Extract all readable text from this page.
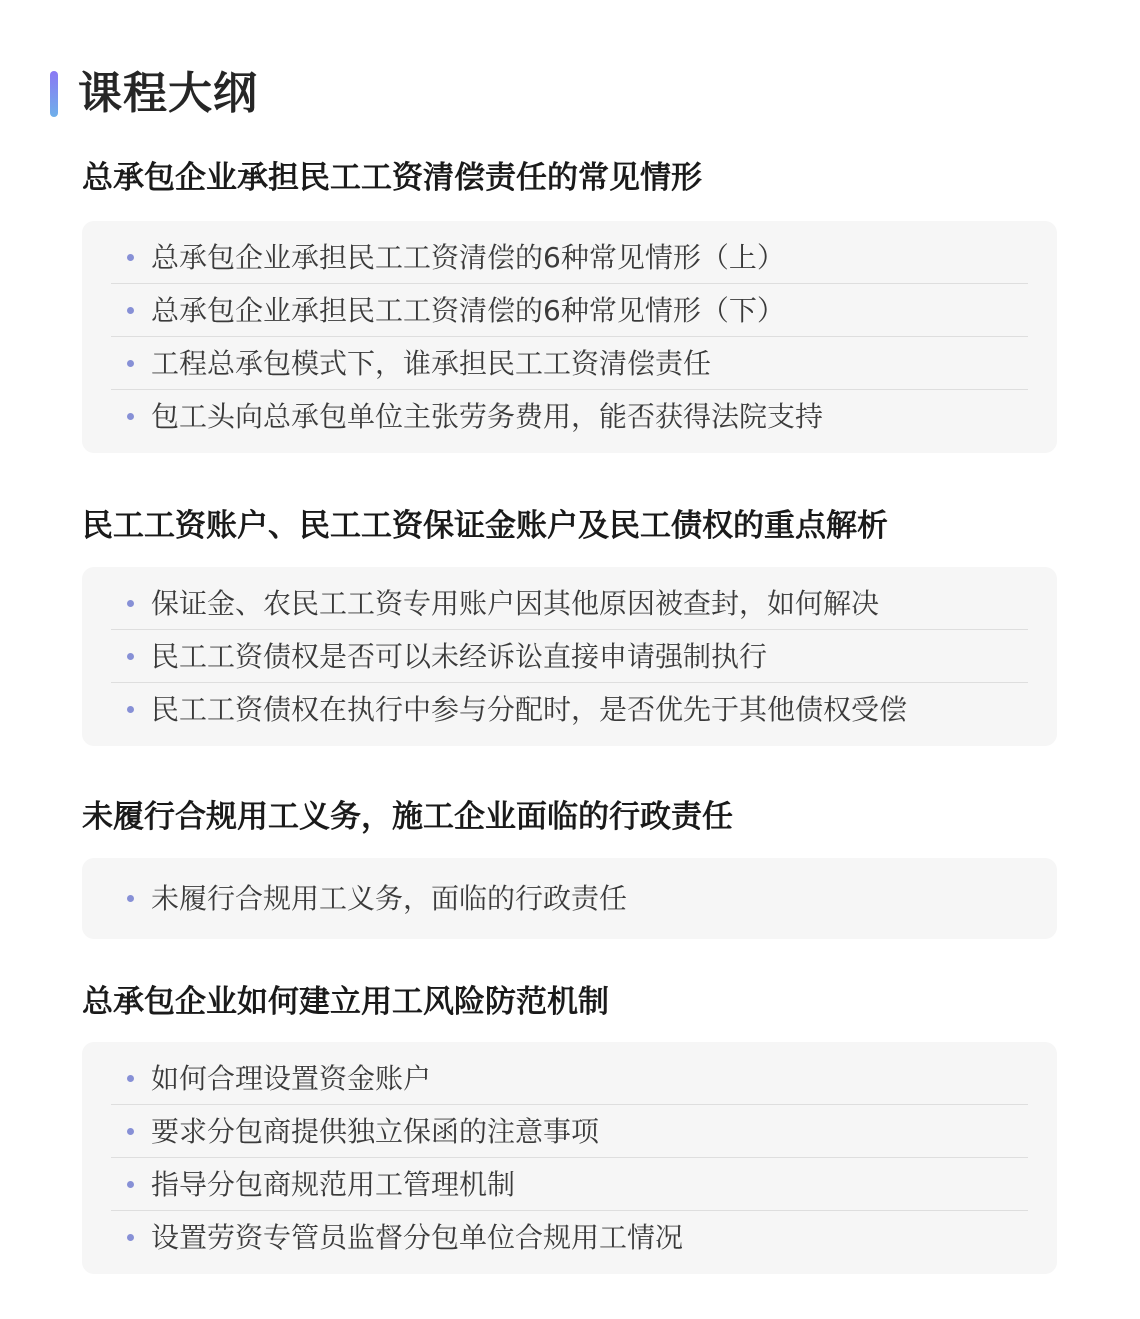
课程大纲
总承包企业承担民工工资清偿责任的常见情形
总承包企业承担民工工资清偿的6种常见情形（上）
总承包企业承担民工工资清偿的6种常见情形（下）
工程总承包模式下，谁承担民工工资清偿责任
包工头向总承包单位主张劳务费用，能否获得法院支持
民工工资账户、民工工资保证金账户及民工债权的重点解析
保证金、农民工工资专用账户因其他原因被查封，如何解决
民工工资债权是否可以未经诉讼直接申请强制执行
民工工资债权在执行中参与分配时，是否优先于其他债权受偿
未履行合规用工义务，施工企业面临的行政责任
未履行合规用工义务，面临的行政责任
总承包企业如何建立用工风险防范机制
如何合理设置资金账户
要求分包商提供独立保函的注意事项
指导分包商规范用工管理机制
设置劳资专管员监督分包单位合规用工情况
